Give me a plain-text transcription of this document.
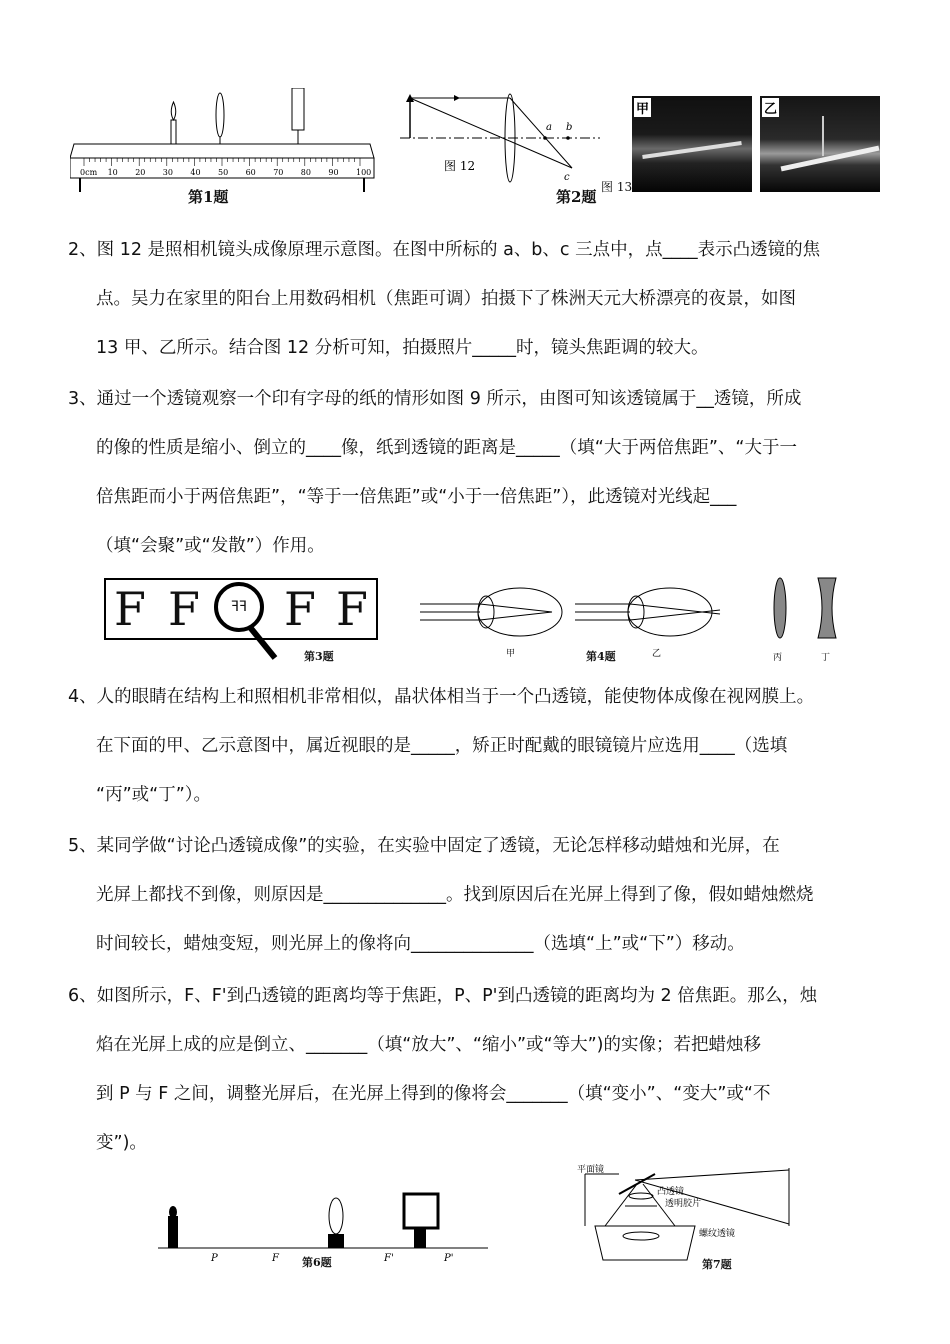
0cm 10 20 30 40 50 60 70 80 90 100
第1题
a b
c
图 12
第2题
图 13
甲	乙

2、图 12 是照相机镜头成像原理示意图。在图中所标的 a、b、c 三点中，点____表示凸透镜的焦

点。吴力在家里的阳台上用数码相机（焦距可调）拍摄下了株洲天元大桥漂亮的夜景，如图

13 甲、乙所示。结合图 12 分析可知，拍摄照片_____时，镜头焦距调的较大。

3、通过一个透镜观察一个印有字母的纸的情形如图 9 所示，由图可知该透镜属于__透镜，所成

的像的性质是缩小、倒立的____像，纸到透镜的距离是_____（填“大于两倍焦距”、“大于一

倍焦距而小于两倍焦距”，“等于一倍焦距”或“小于一倍焦距”），此透镜对光线起___

（填“会聚”或“发散”）作用。

F F	ꟻꟻ F F
第3题	甲	乙
第4题	丙	丁

4、人的眼睛在结构上和照相机非常相似，晶状体相当于一个凸透镜，能使物体成像在视网膜上。

在下面的甲、乙示意图中，属近视眼的是_____，矫正时配戴的眼镜镜片应选用____（选填

“丙”或“丁”）。

5、某同学做“讨论凸透镜成像”的实验，在实验中固定了透镜，无论怎样移动蜡烛和光屏，在

光屏上都找不到像，则原因是______________。找到原因后在光屏上得到了像，假如蜡烛燃烧

时间较长，蜡烛变短，则光屏上的像将向______________（选填“上”或“下”）移动。

6、如图所示，F、F'到凸透镜的距离均等于焦距，P、P'到凸透镜的距离均为 2 倍焦距。那么，烛

焰在光屏上成的应是倒立、_______（填“放大”、“缩小”或“等大”)的实像；若把蜡烛移

到 P 与 F 之间，调整光屏后，在光屏上得到的像将会_______（填“变小”、“变大”或“不

变”)。

P	F	F'	P'
第6题
平面镜
凸透镜
透明胶片
螺纹透镜
第7题
